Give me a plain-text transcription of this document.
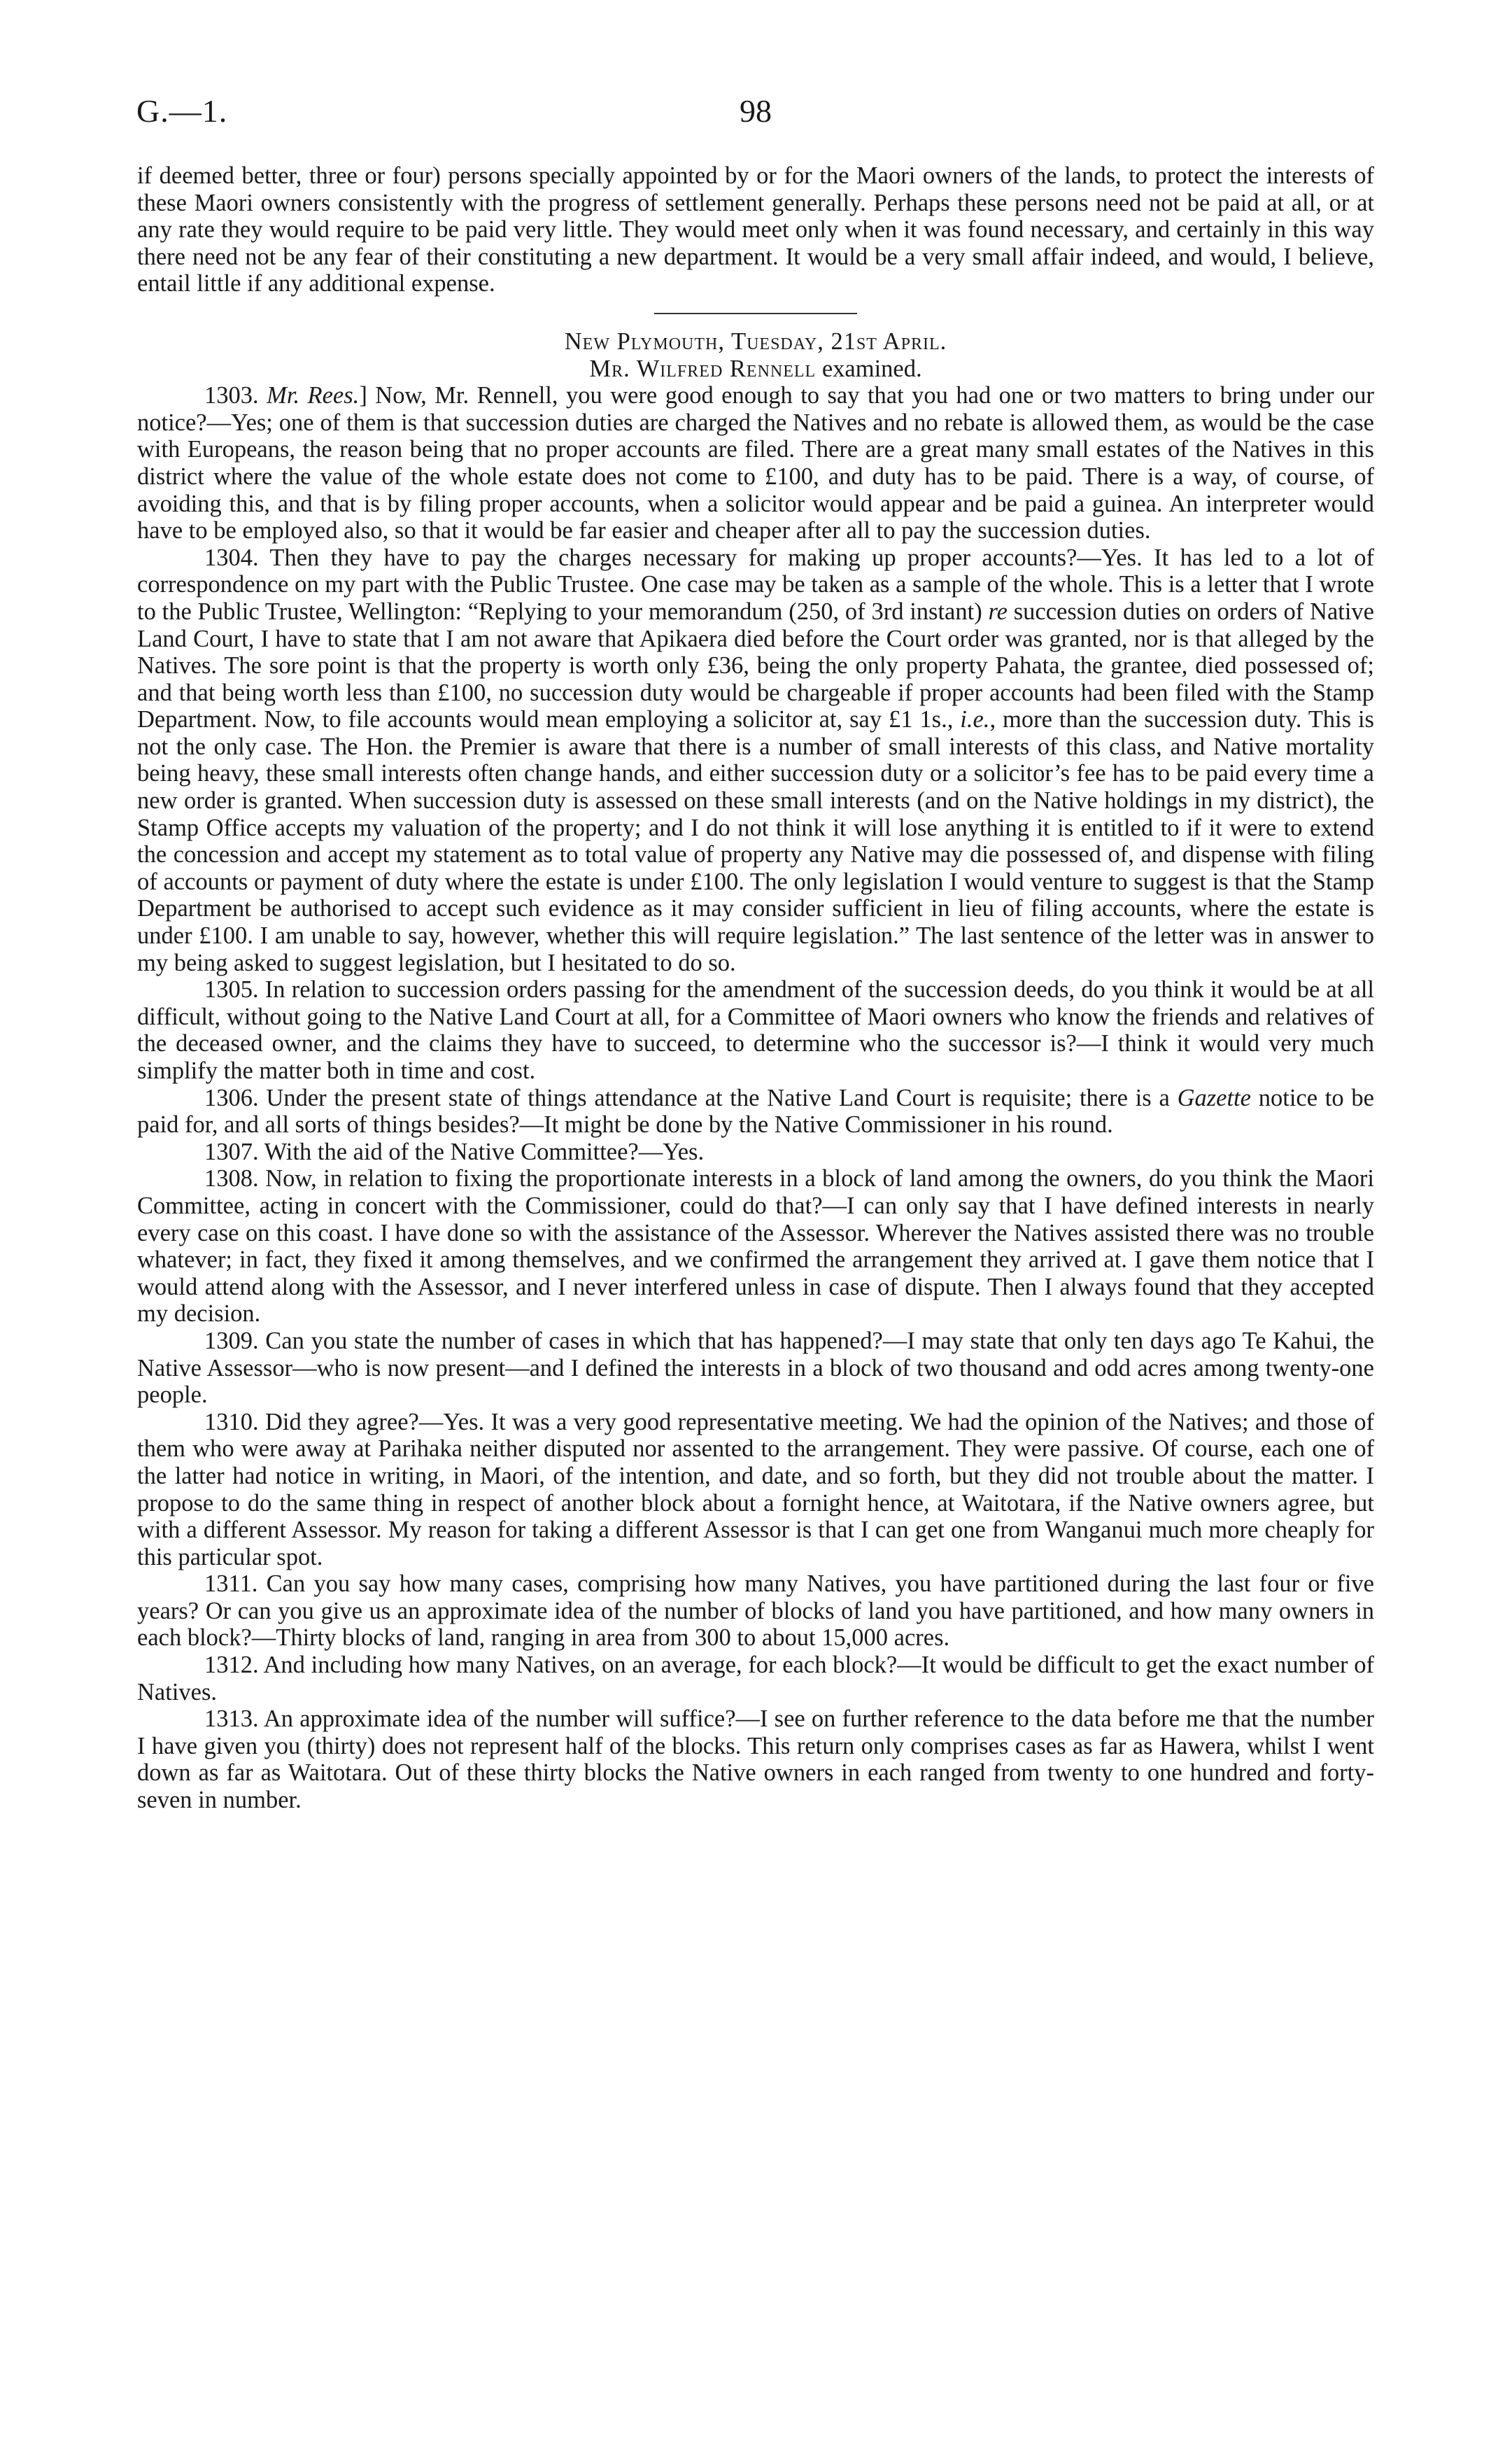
G.—1.	98

if deemed better, three or four) persons specially appointed by or for the Maori owners of the lands, to protect the interests of these Maori owners consistently with the progress of settlement generally. Perhaps these persons need not be paid at all, or at any rate they would require to be paid very little. They would meet only when it was found necessary, and certainly in this way there need not be any fear of their constituting a new department. It would be a very small affair indeed, and would, I believe, entail little if any additional expense.

New Plymouth, Tuesday, 21st April.

Mr. Wilfred Rennell examined.

1303. Mr. Rees.] Now, Mr. Rennell, you were good enough to say that you had one or two matters to bring under our notice?—Yes; one of them is that succession duties are charged the Natives and no rebate is allowed them, as would be the case with Europeans, the reason being that no proper accounts are filed. There are a great many small estates of the Natives in this district where the value of the whole estate does not come to £100, and duty has to be paid. There is a way, of course, of avoiding this, and that is by filing proper accounts, when a solicitor would appear and be paid a guinea. An interpreter would have to be employed also, so that it would be far easier and cheaper after all to pay the succession duties.

1304. Then they have to pay the charges necessary for making up proper accounts?—Yes. It has led to a lot of correspondence on my part with the Public Trustee. One case may be taken as a sample of the whole. This is a letter that I wrote to the Public Trustee, Wellington: “Replying to your memorandum (250, of 3rd instant) re succession duties on orders of Native Land Court, I have to state that I am not aware that Apikaera died before the Court order was granted, nor is that alleged by the Natives. The sore point is that the property is worth only £36, being the only property Pahata, the grantee, died possessed of; and that being worth less than £100, no succession duty would be chargeable if proper accounts had been filed with the Stamp Department. Now, to file accounts would mean employing a solicitor at, say £1 1s., i.e., more than the succession duty. This is not the only case. The Hon. the Premier is aware that there is a number of small interests of this class, and Native mortality being heavy, these small interests often change hands, and either succession duty or a solicitor’s fee has to be paid every time a new order is granted. When succession duty is assessed on these small interests (and on the Native holdings in my district), the Stamp Office accepts my valuation of the property; and I do not think it will lose anything it is entitled to if it were to extend the concession and accept my statement as to total value of property any Native may die possessed of, and dispense with filing of accounts or payment of duty where the estate is under £100. The only legislation I would venture to suggest is that the Stamp Department be authorised to accept such evidence as it may consider sufficient in lieu of filing accounts, where the estate is under £100. I am unable to say, however, whether this will require legislation.” The last sentence of the letter was in answer to my being asked to suggest legislation, but I hesitated to do so.

1305. In relation to succession orders passing for the amendment of the succession deeds, do you think it would be at all difficult, without going to the Native Land Court at all, for a Committee of Maori owners who know the friends and relatives of the deceased owner, and the claims they have to succeed, to determine who the successor is?—I think it would very much simplify the matter both in time and cost.

1306. Under the present state of things attendance at the Native Land Court is requisite; there is a Gazette notice to be paid for, and all sorts of things besides?—It might be done by the Native Commissioner in his round.

1307. With the aid of the Native Committee?—Yes.

1308. Now, in relation to fixing the proportionate interests in a block of land among the owners, do you think the Maori Committee, acting in concert with the Commissioner, could do that?—I can only say that I have defined interests in nearly every case on this coast. I have done so with the assistance of the Assessor. Wherever the Natives assisted there was no trouble whatever; in fact, they fixed it among themselves, and we confirmed the arrangement they arrived at. I gave them notice that I would attend along with the Assessor, and I never interfered unless in case of dispute. Then I always found that they accepted my decision.

1309. Can you state the number of cases in which that has happened?—I may state that only ten days ago Te Kahui, the Native Assessor—who is now present—and I defined the interests in a block of two thousand and odd acres among twenty-one people.

1310. Did they agree?—Yes. It was a very good representative meeting. We had the opinion of the Natives; and those of them who were away at Parihaka neither disputed nor assented to the arrangement. They were passive. Of course, each one of the latter had notice in writing, in Maori, of the intention, and date, and so forth, but they did not trouble about the matter. I propose to do the same thing in respect of another block about a fornight hence, at Waitotara, if the Native owners agree, but with a different Assessor. My reason for taking a different Assessor is that I can get one from Wanganui much more cheaply for this particular spot.

1311. Can you say how many cases, comprising how many Natives, you have partitioned during the last four or five years? Or can you give us an approximate idea of the number of blocks of land you have partitioned, and how many owners in each block?—Thirty blocks of land, ranging in area from 300 to about 15,000 acres.

1312. And including how many Natives, on an average, for each block?—It would be difficult to get the exact number of Natives.

1313. An approximate idea of the number will suffice?—I see on further reference to the data before me that the number I have given you (thirty) does not represent half of the blocks. This return only comprises cases as far as Hawera, whilst I went down as far as Waitotara. Out of these thirty blocks the Native owners in each ranged from twenty to one hundred and forty-seven in number.
